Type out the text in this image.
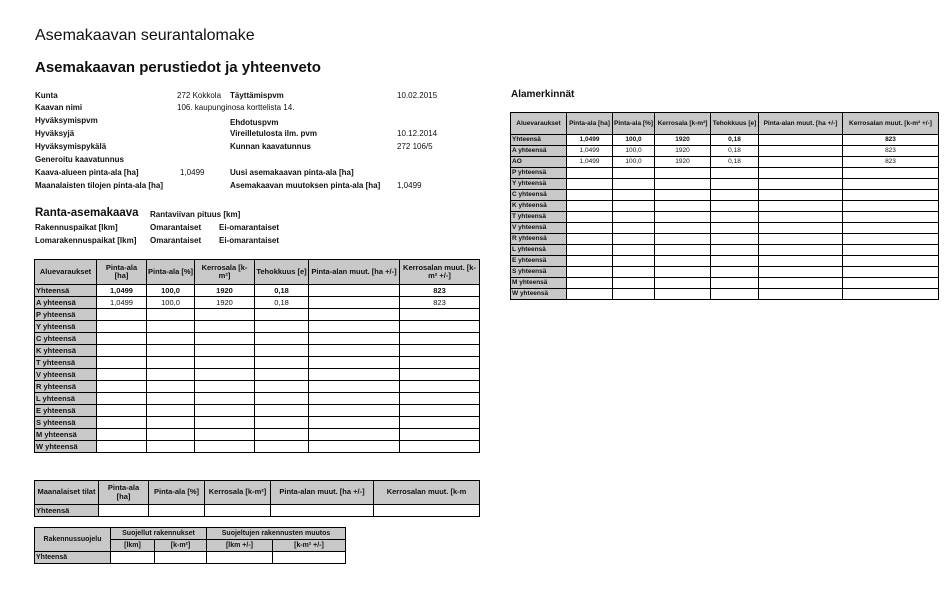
Asemakaavan seurantalomake
Asemakaavan perustiedot ja yhteenveto
Kunta	272 Kokkola Täyttämispvm	10.02.2015
Kaavan nimi	106. kaupunginosa korttelista 14.
Hyväksymispvm	Ehdotuspvm
Hyväksyjä	Vireilletulosta ilm. pvm	10.12.2014
Hyväksymispykälä	Kunnan kaavatunnus	272 106/5
Generoitu kaavatunnus
Kaava-alueen pinta-ala [ha]	1,0499	Uusi asemakaavan pinta-ala [ha]
Maanalaisten tilojen pinta-ala [ha]	Asemakaavan muutoksen pinta-ala [ha] 1,0499
Ranta-asemakaava Rantaviivan pituus [km]
Rakennuspaikat [lkm]	Omarantaiset Ei-omarantaiset
Lomarakennuspaikat [lkm] Omarantaiset Ei-omarantaiset
Aluevaraukset	Pinta-ala [ha]	Pinta-ala [%]	Kerrosala [k-m²]	Tehokkuus [e]	Pinta-alan muut. [ha +/-]	Kerrosalan muut. [k-m² +/-]
Yhteensä	1,0499	100,0	1920	0,18		823
A yhteensä	1,0499	100,0	1920	0,18		823
P yhteensä						
Y yhteensä						
C yhteensä						
K yhteensä						
T yhteensä						
V yhteensä						
R yhteensä						
L yhteensä						
E yhteensä						
S yhteensä						
M yhteensä						
W yhteensä						
Alamerkinnät
Aluevaraukset	Pinta-ala [ha]	Pinta-ala [%]	Kerrosala [k-m²]	Tehokkuus [e]	Pinta-alan muut. [ha +/-]	Kerrosalan muut. [k-m² +/-]
Yhteensä	1,0499	100,0	1920	0,18		823
A yhteensä	1,0499	100,0	1920	0,18		823
AO	1,0499	100,0	1920	0,18		823
P yhteensä						
Y yhteensä						
C yhteensä						
K yhteensä						
T yhteensä						
V yhteensä						
R yhteensä						
L yhteensä						
E yhteensä						
S yhteensä						
M yhteensä						
W yhteensä						
Maanalaiset tilat	Pinta-ala [ha]	Pinta-ala [%]	Kerrosala [k-m²]	Pinta-alan muut. [ha +/-]	Kerrosalan muut. [k-m
Yhteensä					
Rakennussuojelu	Suojellut rakennukset		Suojeltujen rakennusten muutos	
	[lkm]	[k-m²]	[lkm +/-]	[k-m² +/-]
Yhteensä				
